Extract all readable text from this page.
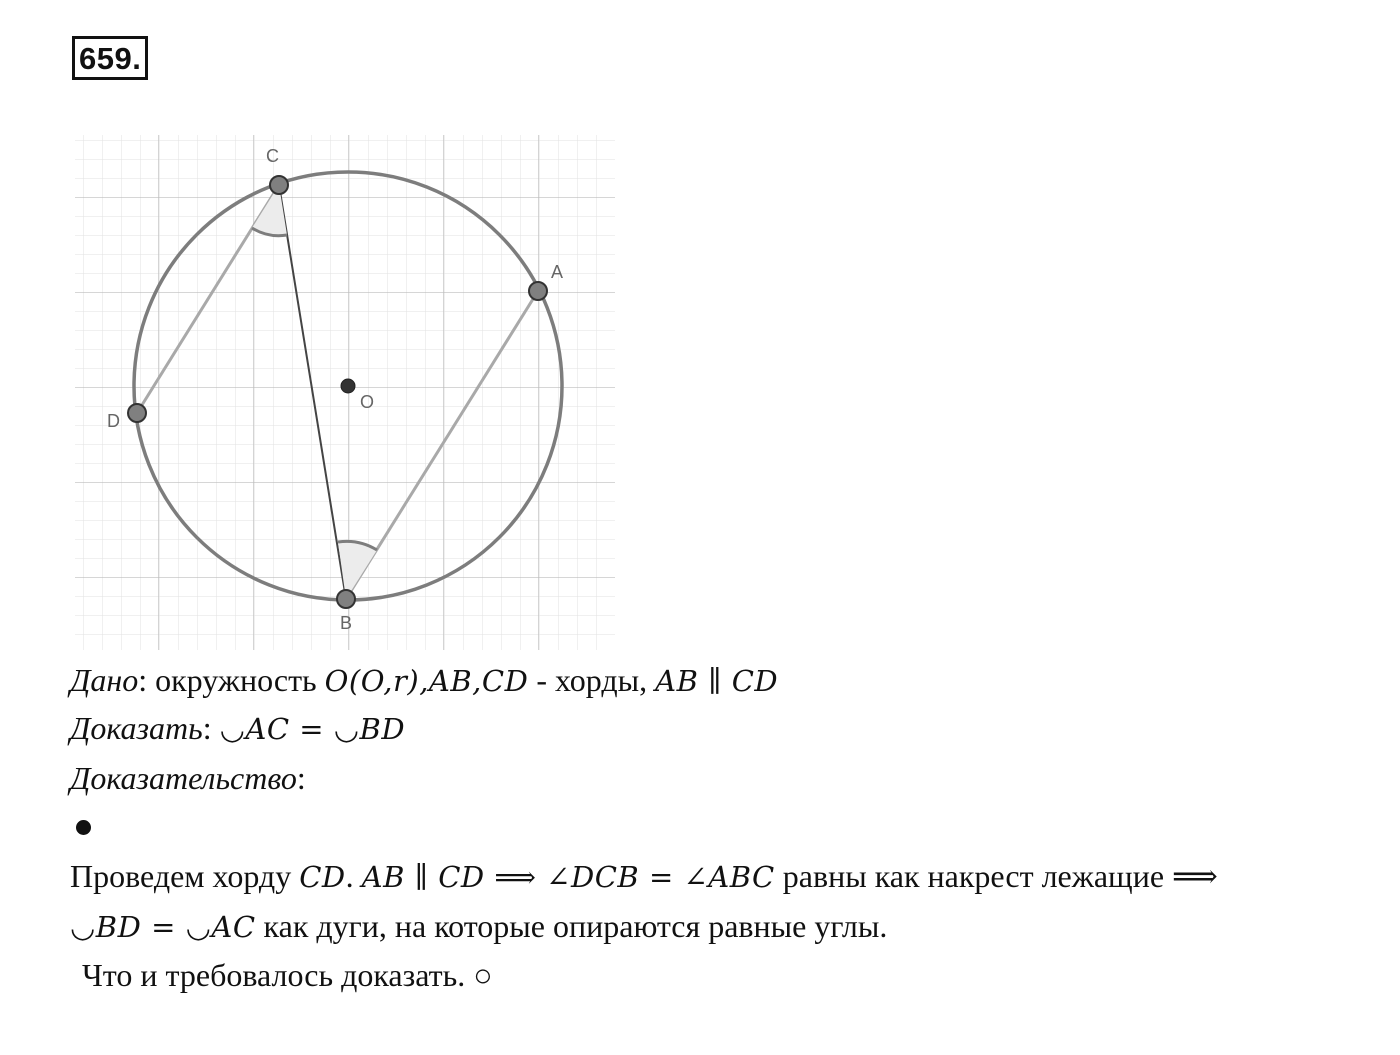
659.
C
A
D
B
O
Дано: окружность O(O,r),AB,CD - хорды, AB ∥ CD
Доказать: ◡AC = ◡BD
Доказательство:
Проведем хорду CD. AB ∥ CD ⟹ ∠DCB = ∠ABC равны как накрест лежащие ⟹
◡BD = ◡AC как дуги, на которые опираются равные углы.
Что и требовалось доказать. ○
